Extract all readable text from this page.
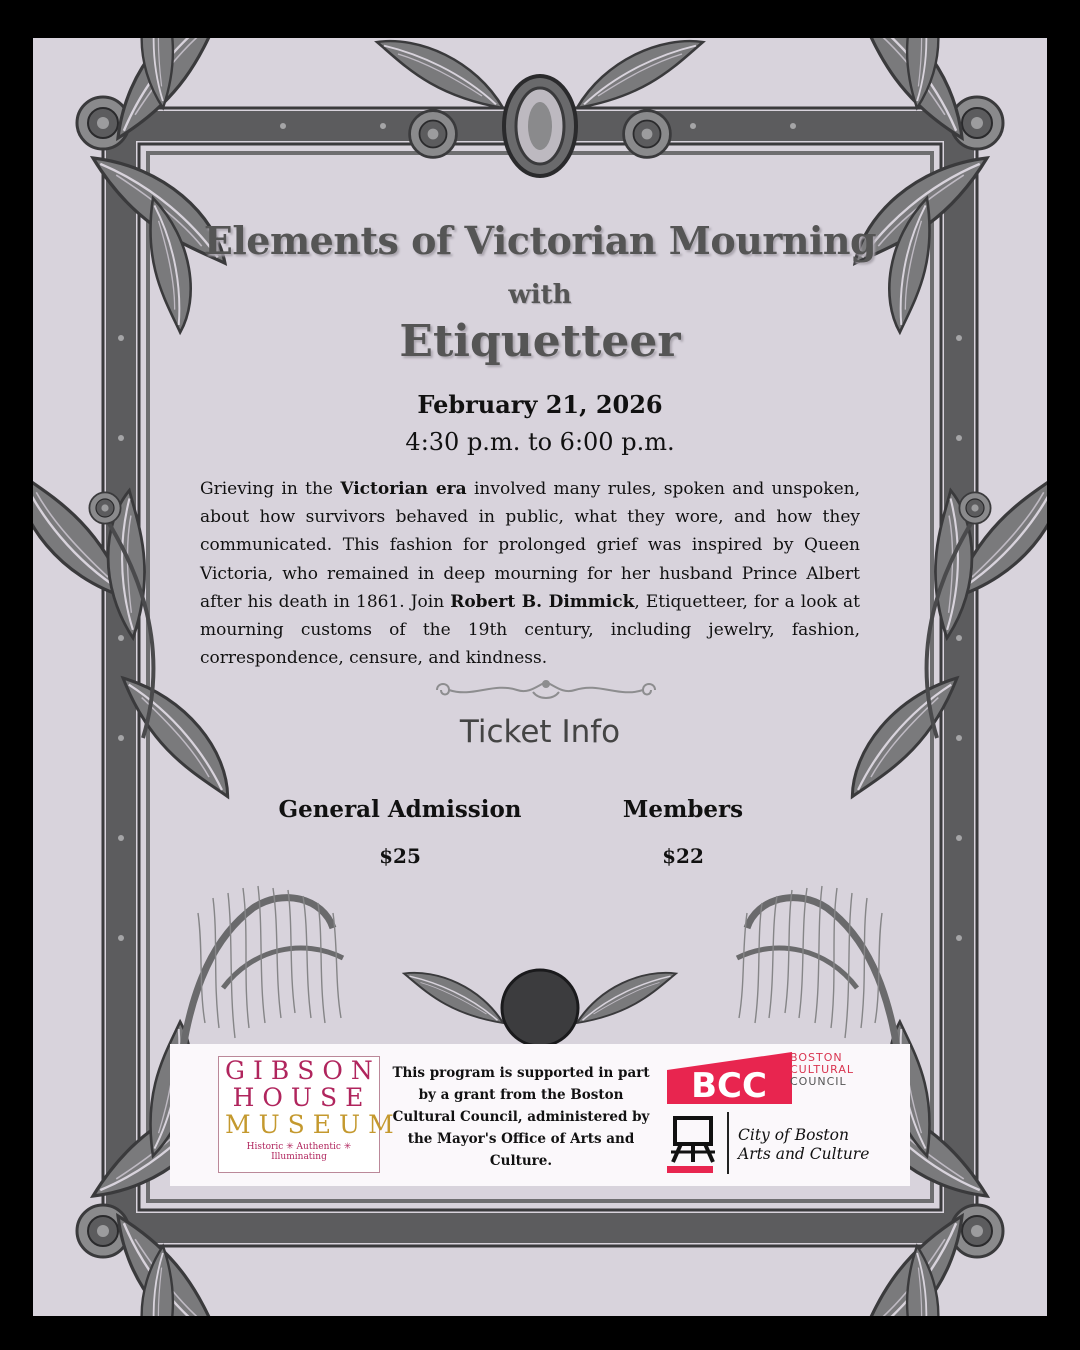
Elements of Victorian Mourning
with
Etiquetteer
February 21, 2026
4:30 p.m. to 6:00 p.m.
Grieving in the Victorian era involved many rules, spoken and unspoken, about how survivors behaved in public, what they wore, and how they communicated. This fashion for prolonged grief was inspired by Queen Victoria, who remained in deep mourning for her husband Prince Albert after his death in 1861. Join Robert B. Dimmick, Etiquetteer, for a look at mourning customs of the 19th century, including jewelry, fashion, correspondence, censure, and kindness.
Ticket Info
General Admission
$25
Members
$22
GIBSON
HOUSE
MUSEUM
Historic ✳ Authentic ✳ Illuminating
This program is supported in part by a grant from the Boston Cultural Council, administered by the Mayor's Office of Arts and Culture.
BCC
BOSTON
CULTURAL
COUNCIL
City of Boston
Arts and Culture
